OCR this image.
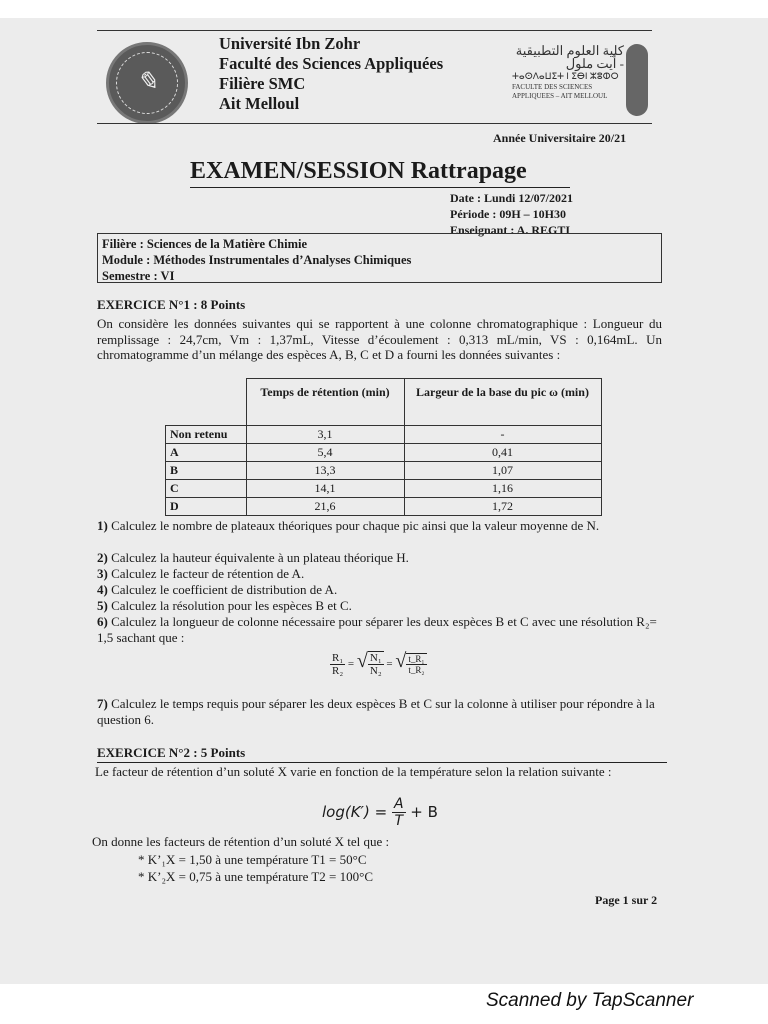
✎
Université Ibn Zohr
Faculté des Sciences Appliquées
Filière SMC
Ait Melloul
كلية العلوم التطبيقية - أيت ملول
ⵜⴰⵙⴷⴰⵡⵉⵜ ⵏ ⵉⴱⵏ ⵣⵓⵀⵔ
FACULTE DES SCIENCES APPLIQUEES – AIT MELLOUL
Année Universitaire 20/21
EXAMEN/SESSION Rattrapage
Date : Lundi 12/07/2021
Période : 09H – 10H30
Enseignant : A. REGTI
Filière : Sciences de la Matière Chimie
Module : Méthodes Instrumentales d’Analyses Chimiques
Semestre : VI
EXERCICE N°1 : 8 Points
On considère les données suivantes qui se rapportent à une colonne chromatographique : Longueur du remplissage : 24,7cm, Vm : 1,37mL, Vitesse d’écoulement : 0,313 mL/min, VS : 0,164mL. Un chromatogramme d’un mélange des espèces A, B, C et D a fourni les données suivantes :
	Temps de rétention (min)	Largeur de la base du pic ω (min)
Non retenu	3,1	-
A	5,4	0,41
B	13,3	1,07
C	14,1	1,16
D	21,6	1,72
1) Calculez le nombre de plateaux théoriques pour chaque pic ainsi que la valeur moyenne de N.
2) Calculez la hauteur équivalente à un plateau théorique H.
3) Calculez le facteur de rétention de A.
4) Calculez le coefficient de distribution de A.
5) Calculez la résolution pour les espèces B et C.
6) Calculez la longueur de colonne nécessaire pour séparer les deux espèces B et C avec une résolution R₂= 1,5 sachant que :
$\frac{\text{R₁}}{\text{R₂}}$ = √ $\frac{\text{N₁}}{\text{N₂}}$ = √ $\frac{\text{t\_R₁}}{\text{t\_R₂}}$
7) Calculez le temps requis pour séparer les deux espèces B et C sur la colonne à utiliser pour répondre à la question 6.
EXERCICE N°2 : 5 Points
Le facteur de rétention d’un soluté X varie en fonction de la température selon la relation suivante :
$\log(K') = \frac{A}{T} + B$
On donne les facteurs de rétention d’un soluté X tel que :
* K’₁X = 1,50 à une température T1 = 50°C
* K’₂X = 0,75 à une température T2 = 100°C
Page 1 sur 2
Scanned by TapScanner
